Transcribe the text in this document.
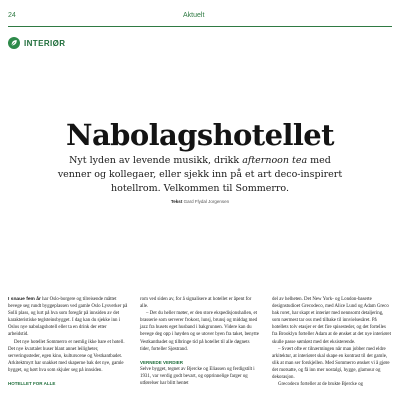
24	Aktuelt
INTERIØR
Nabolagshotellet
Nyt lyden av levende musikk, drikk afternoon tea med venner og kollegaer, eller sjekk inn på et art deco-inspirert hotellrom. Velkommen til Sommerro.
Tekst Gard Flydal Jorgensen

I snaue fem år har Oslo-borgere og tilreisende måttet bevege seg rundt byggeplassen ved gamle Oslo Lysverker på Solli plass, og lurt på hva som foregår på innsiden av det karakteristiske teglsteinsbygget. I dag kan du sjekke inn i Oslos nye nabolagshotell eller ta en drink der etter arbeidstid.

Det nye hotellet Sommerro er nemlig ikke bare et hotell. Det nye kvartalet huser blant annet leiligheter, serveringssteder, egen kino, kulturscene og Vestkantbadet. Arkitektmyrt har snakket med skaperne bak det nye, gamle bygget, og hørt hva som skjuler seg på innsiden.

HOTELLET FOR ALLE

rom ved siden av, for å signalisere at hotellet er åpent for alle.

– Det du heller møter, er den store ekspedisjonshallen, et brasserie som serverer frokost, lunsj, brunsj og middag med jazz fra husets eget husband i bakgrunnen. Videre kan du bevege deg opp i høyden og se utover byen fra taket, benytte Vestkantbadet og tilbringe tid på hotellet til alle døgnets tider, forteller Sjøstrand.

VERNEDE VERDIER

Selve bygget, tegnet av Bjercke og Eliassen og ferdigstilt i 1931, var verdig godt bevart, og opprinnelige farger og utførelser har blitt hentet

del av helheten. Det New York- og London-baserte designstudioet Grecodeco, med Alice Lund og Adam Greco bak roret, har skapt et interiør med nennsomt detaljering, som nærmest tar oss med tilbake til innvielsesåret. På hotellets tolv etasjer er det fire spisesteder, og det fortelles fra Brooklyn forteller Adam at de ønsket at det nye interiøret skulle passe sømløst med det eksisterende.

– Svært ofte er tilnærmingen når man jobber med eldre arkitektur, at interiøret skal skape en kontrast til det gamle, slik at man ser forskjellen. Med Sommerro ønsket vi å gjøre det motsatte, og få inn mer nostalgi, hygge, glamour og dekorasjon.

Grecodeco forteller at de brukte Bjercke og
